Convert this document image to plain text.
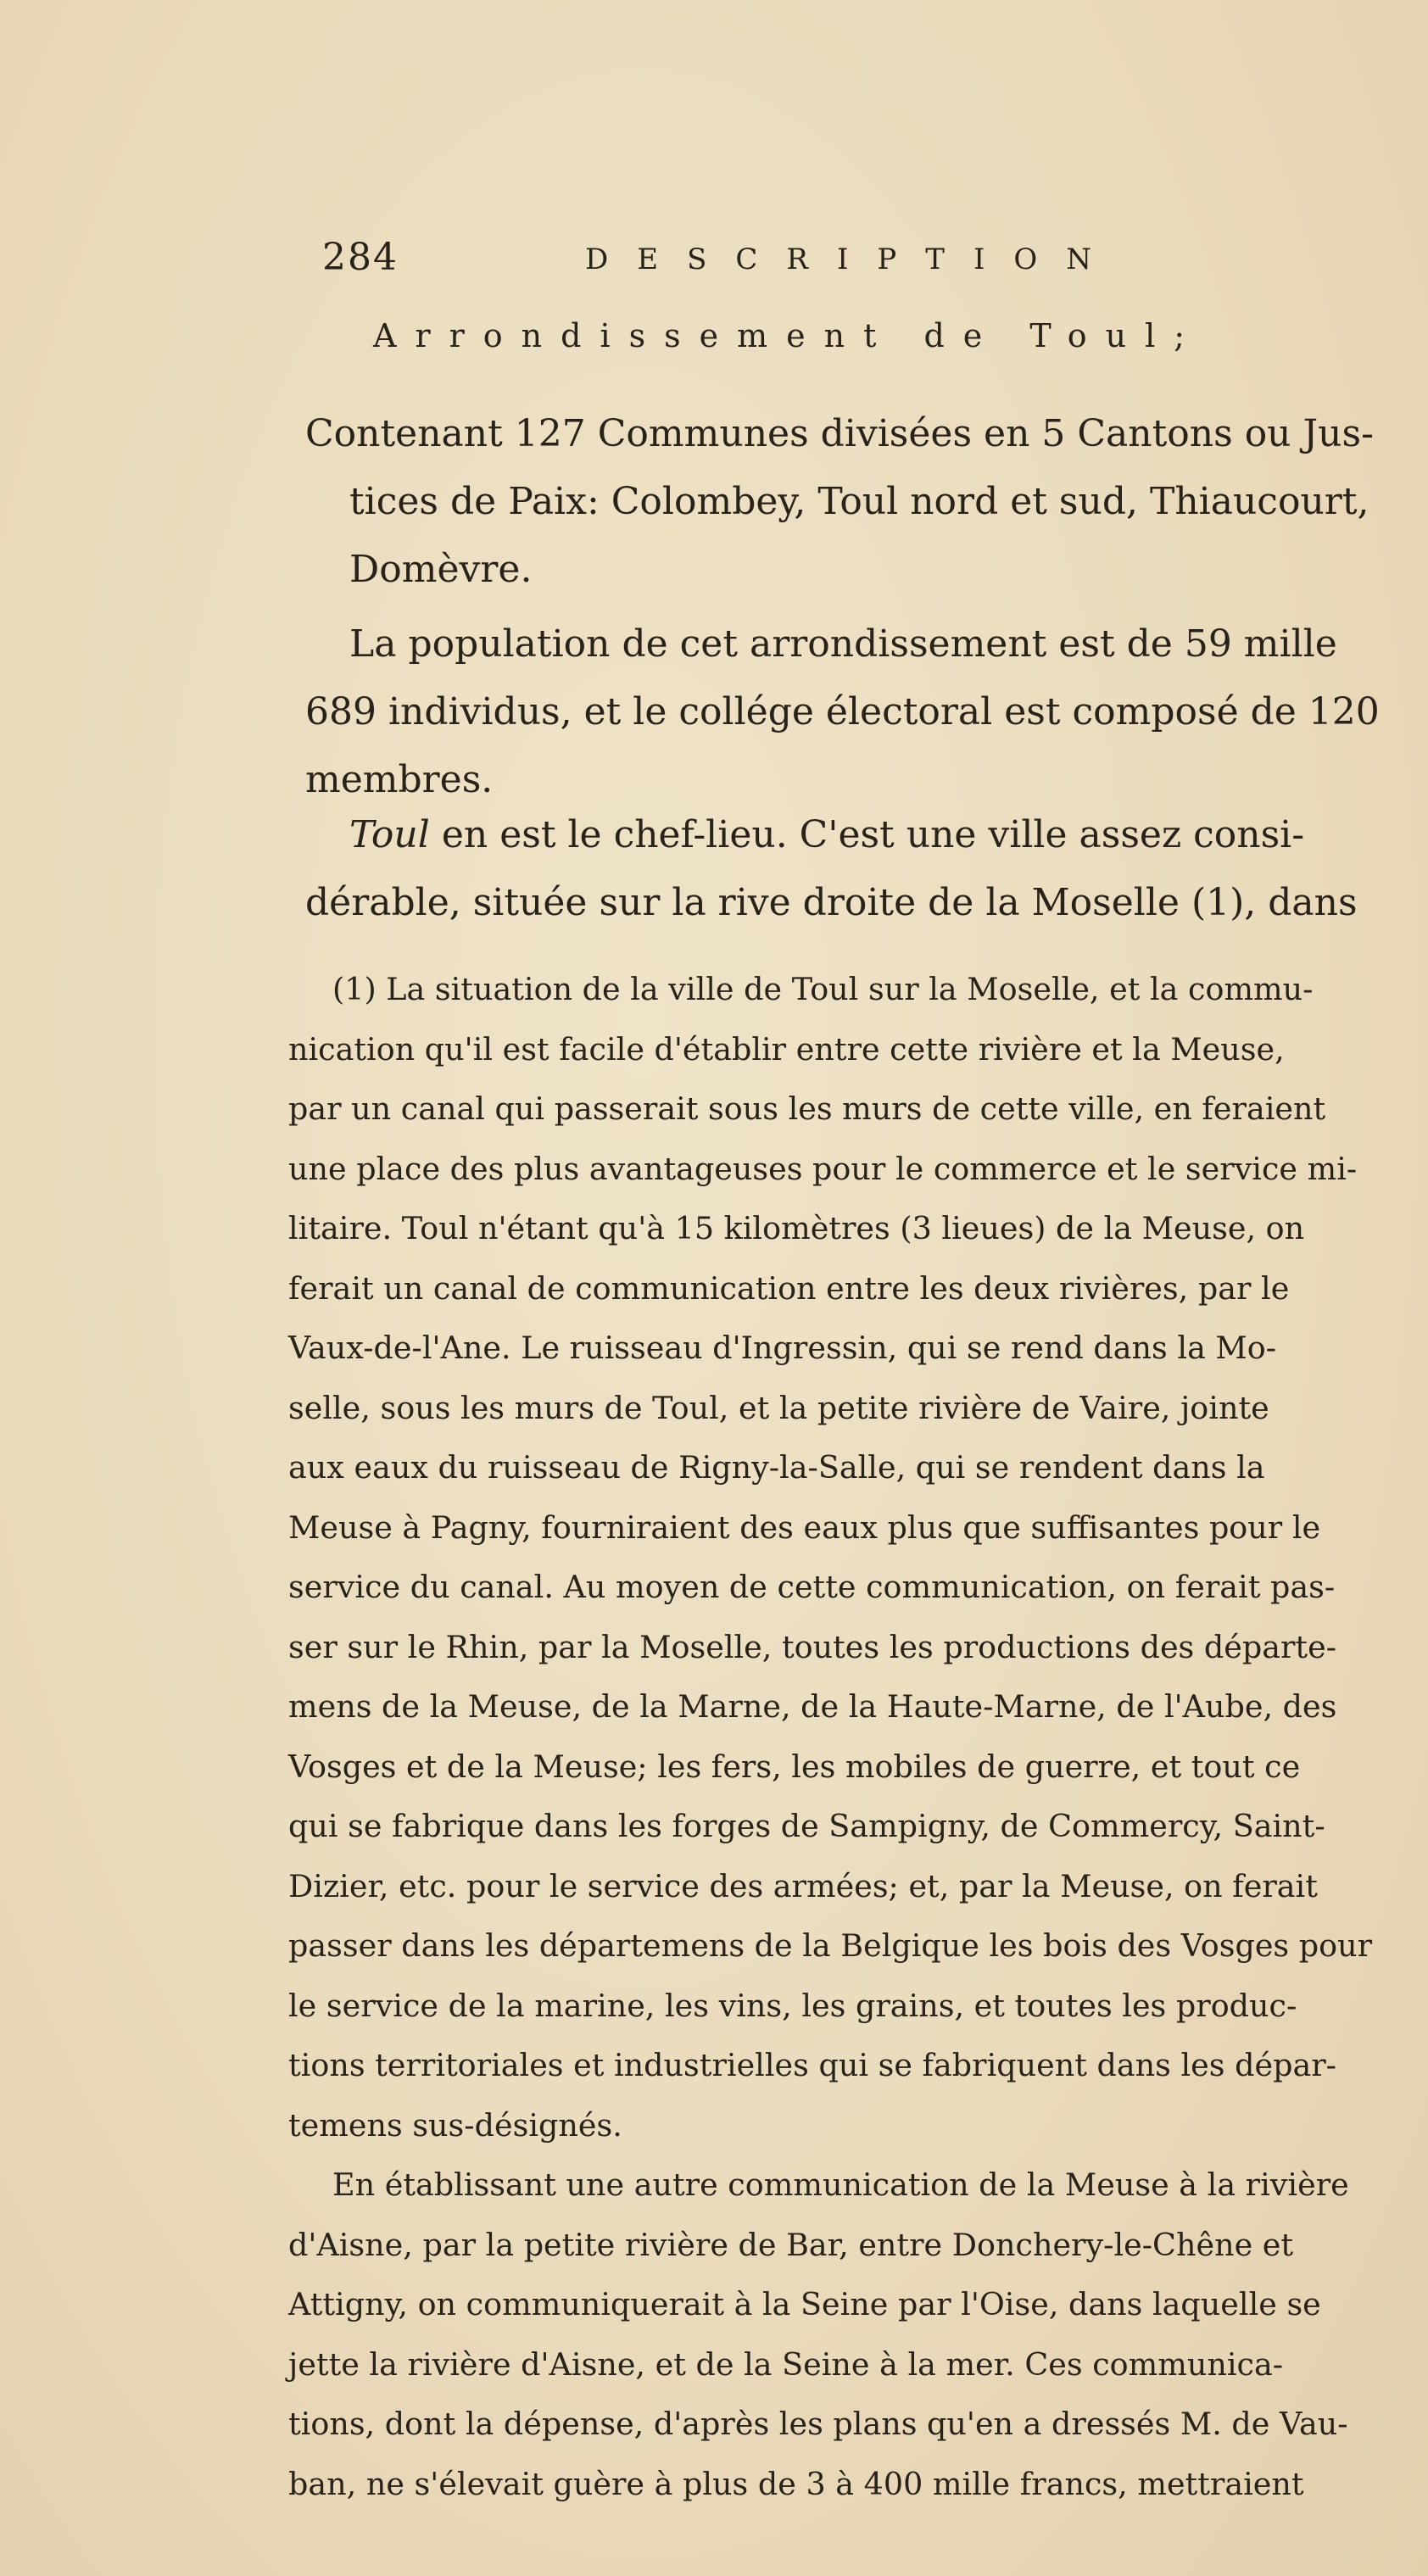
284	DESCRIPTION
Arrondissement de Toul;
Contenant 127 Communes divisées en 5 Cantons ou Jus-
tices de Paix: Colombey, Toul nord et sud, Thiaucourt,
Domèvre.
La population de cet arrondissement est de 59 mille
689 individus, et le collége électoral est composé de 120
membres.
Toul en est le chef-lieu. C'est une ville assez consi-
dérable, située sur la rive droite de la Moselle (1), dans
(1) La situation de la ville de Toul sur la Moselle, et la commu-
nication qu'il est facile d'établir entre cette rivière et la Meuse,
par un canal qui passerait sous les murs de cette ville, en feraient
une place des plus avantageuses pour le commerce et le service mi-
litaire. Toul n'étant qu'à 15 kilomètres (3 lieues) de la Meuse, on
ferait un canal de communication entre les deux rivières, par le
Vaux-de-l'Ane. Le ruisseau d'Ingressin, qui se rend dans la Mo-
selle, sous les murs de Toul, et la petite rivière de Vaire, jointe
aux eaux du ruisseau de Rigny-la-Salle, qui se rendent dans la
Meuse à Pagny, fourniraient des eaux plus que suffisantes pour le
service du canal. Au moyen de cette communication, on ferait pas-
ser sur le Rhin, par la Moselle, toutes les productions des départe-
mens de la Meuse, de la Marne, de la Haute-Marne, de l'Aube, des
Vosges et de la Meuse; les fers, les mobiles de guerre, et tout ce
qui se fabrique dans les forges de Sampigny, de Commercy, Saint-
Dizier, etc. pour le service des armées; et, par la Meuse, on ferait
passer dans les départemens de la Belgique les bois des Vosges pour
le service de la marine, les vins, les grains, et toutes les produc-
tions territoriales et industrielles qui se fabriquent dans les dépar-
temens sus-désignés.
En établissant une autre communication de la Meuse à la rivière
d'Aisne, par la petite rivière de Bar, entre Donchery-le-Chêne et
Attigny, on communiquerait à la Seine par l'Oise, dans laquelle se
jette la rivière d'Aisne, et de la Seine à la mer. Ces communica-
tions, dont la dépense, d'après les plans qu'en a dressés M. de Vau-
ban, ne s'élevait guère à plus de 3 à 400 mille francs, mettraient
